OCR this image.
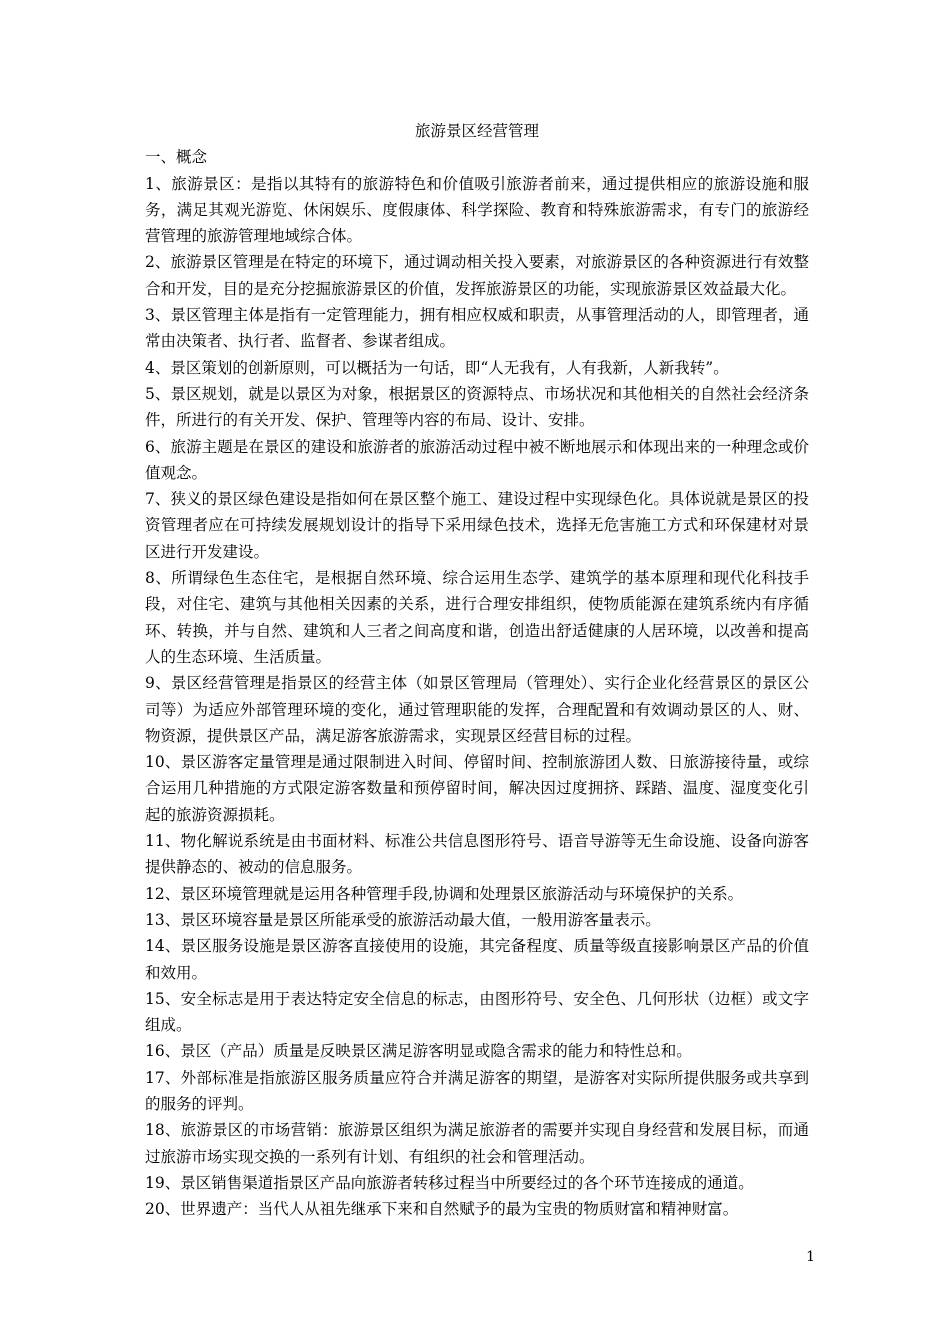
旅游景区经营管理

一、概念

1、旅游景区：是指以其特有的旅游特色和价值吸引旅游者前来，通过提供相应的旅游设施和服务，满足其观光游览、休闲娱乐、度假康体、科学探险、教育和特殊旅游需求，有专门的旅游经营管理的旅游管理地域综合体。

2、旅游景区管理是在特定的环境下，通过调动相关投入要素，对旅游景区的各种资源进行有效整合和开发，目的是充分挖掘旅游景区的价值，发挥旅游景区的功能，实现旅游景区效益最大化。

3、景区管理主体是指有一定管理能力，拥有相应权威和职责，从事管理活动的人，即管理者，通常由决策者、执行者、监督者、参谋者组成。

4、景区策划的创新原则，可以概括为一句话，即“人无我有，人有我新，人新我转”。

5、景区规划，就是以景区为对象，根据景区的资源特点、市场状况和其他相关的自然社会经济条件，所进行的有关开发、保护、管理等内容的布局、设计、安排。

6、旅游主题是在景区的建设和旅游者的旅游活动过程中被不断地展示和体现出来的一种理念或价值观念。

7、狭义的景区绿色建设是指如何在景区整个施工、建设过程中实现绿色化。具体说就是景区的投资管理者应在可持续发展规划设计的指导下采用绿色技术，选择无危害施工方式和环保建材对景区进行开发建设。

8、所谓绿色生态住宅，是根据自然环境、综合运用生态学、建筑学的基本原理和现代化科技手段，对住宅、建筑与其他相关因素的关系，进行合理安排组织，使物质能源在建筑系统内有序循环、转换，并与自然、建筑和人三者之间高度和谐，创造出舒适健康的人居环境，以改善和提高人的生态环境、生活质量。

9、景区经营管理是指景区的经营主体（如景区管理局（管理处）、实行企业化经营景区的景区公司等）为适应外部管理环境的变化，通过管理职能的发挥，合理配置和有效调动景区的人、财、物资源，提供景区产品，满足游客旅游需求，实现景区经营目标的过程。

10、景区游客定量管理是通过限制进入时间、停留时间、控制旅游团人数、日旅游接待量，或综合运用几种措施的方式限定游客数量和预停留时间，解决因过度拥挤、踩踏、温度、湿度变化引起的旅游资源损耗。

11、物化解说系统是由书面材料、标准公共信息图形符号、语音导游等无生命设施、设备向游客提供静态的、被动的信息服务。

12、景区环境管理就是运用各种管理手段,协调和处理景区旅游活动与环境保护的关系。

13、景区环境容量是景区所能承受的旅游活动最大值，一般用游客量表示。

14、景区服务设施是景区游客直接使用的设施，其完备程度、质量等级直接影响景区产品的价值和效用。

15、安全标志是用于表达特定安全信息的标志，由图形符号、安全色、几何形状（边框）或文字组成。

16、景区（产品）质量是反映景区满足游客明显或隐含需求的能力和特性总和。

17、外部标准是指旅游区服务质量应符合并满足游客的期望，是游客对实际所提供服务或共享到的服务的评判。

18、旅游景区的市场营销：旅游景区组织为满足旅游者的需要并实现自身经营和发展目标，而通过旅游市场实现交换的一系列有计划、有组织的社会和管理活动。

19、景区销售渠道指景区产品向旅游者转移过程当中所要经过的各个环节连接成的通道。

20、世界遗产：当代人从祖先继承下来和自然赋予的最为宝贵的物质财富和精神财富。

1
